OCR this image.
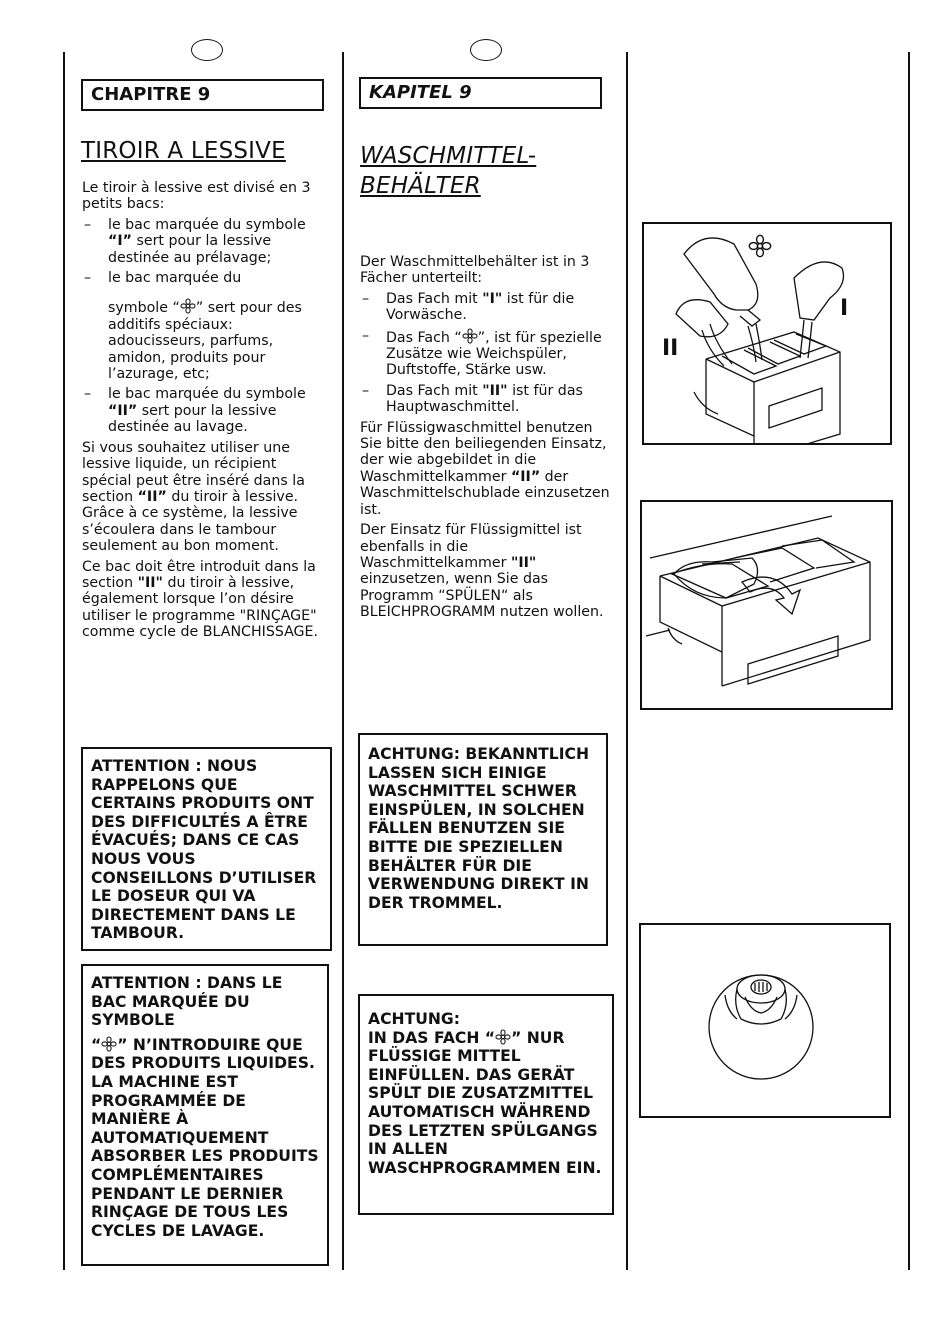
CHAPITRE 9
TIROIR A LESSIVE

Le tiroir à lessive est divisé en 3 petits bacs:

– le bac marquée du symbole “I” sert pour la lessive destinée au prélavage;
– le bac marquée du

symbole “ ” sert pour des additifs spéciaux: adoucisseurs, parfums, amidon, produits pour l’azurage, etc;
– le bac marquée du symbole “II” sert pour la lessive destinée au lavage.

Si vous souhaitez utiliser une lessive liquide, un récipient spécial peut être inséré dans la section “II” du tiroir à lessive. Grâce à ce système, la lessive s’écoulera dans le tambour seulement au bon moment.

Ce bac doit être introduit dans la section "II" du tiroir à lessive, également lorsque l’on désire utiliser le programme "RINÇAGE" comme cycle de BLANCHISSAGE.

ATTENTION : NOUS RAPPELONS QUE CERTAINS PRODUITS ONT DES DIFFICULTÉS A ÊTRE ÉVACUÉS; DANS CE CAS NOUS VOUS CONSEILLONS D’UTILISER LE DOSEUR QUI VA DIRECTEMENT DANS LE TAMBOUR.
ATTENTION : DANS LE BAC MARQUÉE DU SYMBOLE

“ ” N’INTRODUIRE QUE DES PRODUITS LIQUIDES. LA MACHINE EST PROGRAMMÉE DE MANIÈRE À AUTOMATIQUEMENT ABSORBER LES PRODUITS COMPLÉMENTAIRES PENDANT LE DERNIER RINÇAGE DE TOUS LES CYCLES DE LAVAGE.
KAPITEL 9
WASCHMITTEL-
BEHÄLTER

Der Waschmittelbehälter ist in 3 Fächer unterteilt:

– Das Fach mit "I" ist für die Vorwäsche.
– Das Fach “ ”, ist für spezielle Zusätze wie Weichspüler, Duftstoffe, Stärke usw.
– Das Fach mit "II" ist für das Hauptwaschmittel.

Für Flüssigwaschmittel benutzen Sie bitte den beiliegenden Einsatz, der wie abgebildet in die Waschmittelkammer “II” der Waschmittelschublade einzusetzen ist.

Der Einsatz für Flüssigmittel ist ebenfalls in die Waschmittelkammer "II" einzusetzen, wenn Sie das Programm “SPÜLEN“ als BLEICHPROGRAMM nutzen wollen.

ACHTUNG: BEKANNTLICH LASSEN SICH EINIGE WASCHMITTEL SCHWER EINSPÜLEN, IN SOLCHEN FÄLLEN BENUTZEN SIE BITTE DIE SPEZIELLEN BEHÄLTER FÜR DIE VERWENDUNG DIREKT IN DER TROMMEL.
ACHTUNG:
IN DAS FACH “ ” NUR FLÜSSIGE MITTEL EINFÜLLEN. DAS GERÄT SPÜLT DIE ZUSATZMITTEL AUTOMATISCH WÄHREND DES LETZTEN SPÜLGANGS IN ALLEN WASCHPROGRAMMEN EIN.
I
II
